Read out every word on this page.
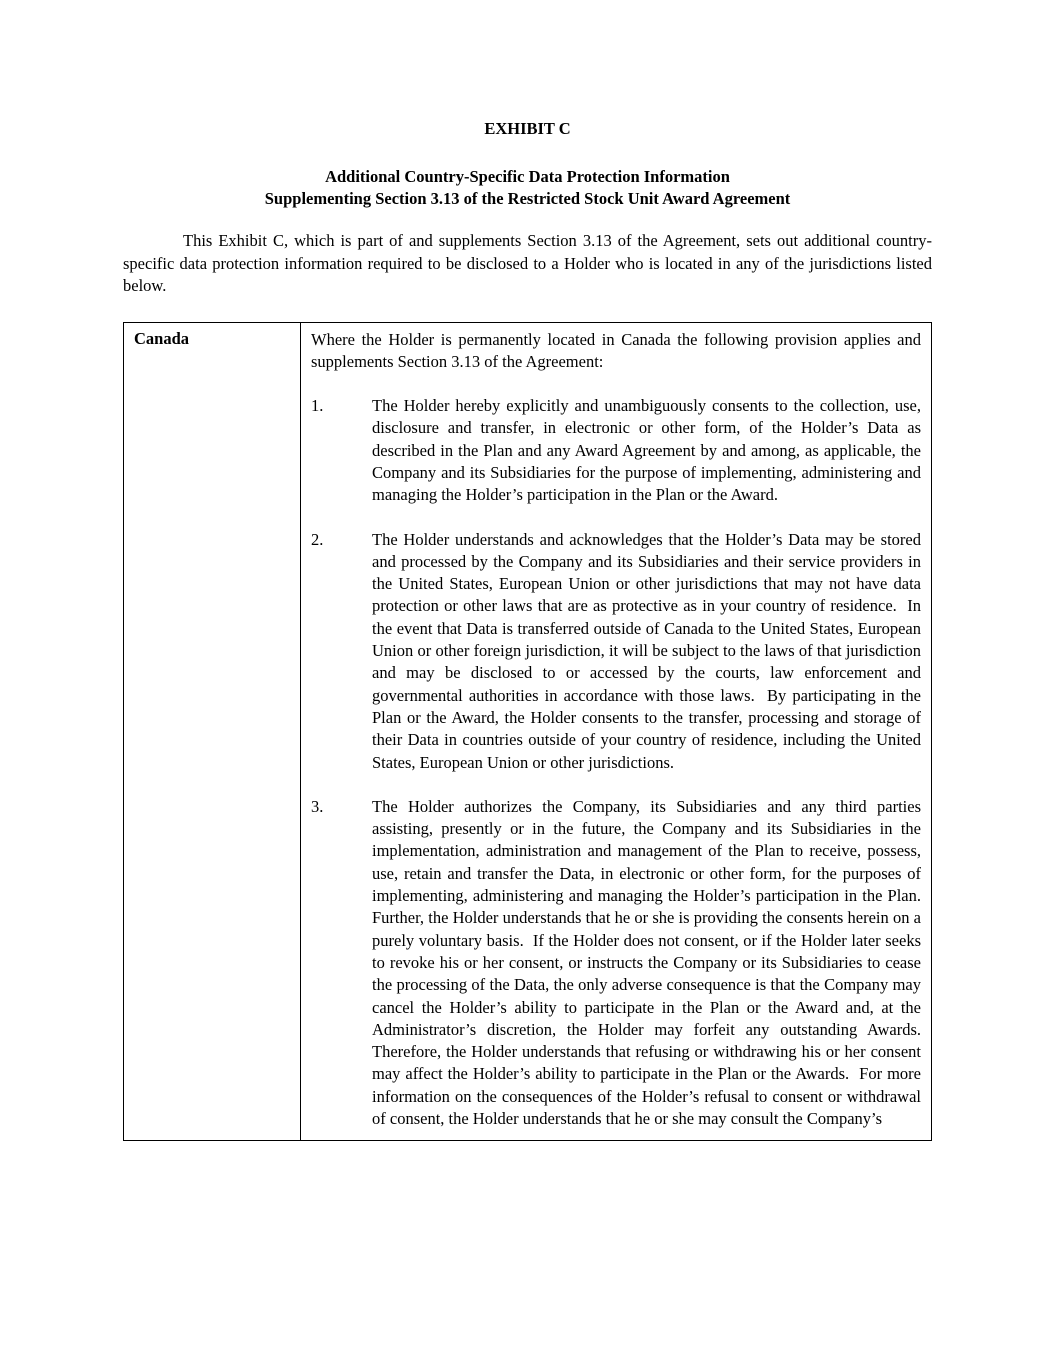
EXHIBIT C
Additional Country-Specific Data Protection Information
Supplementing Section 3.13 of the Restricted Stock Unit Award Agreement

This Exhibit C, which is part of and supplements Section 3.13 of the Agreement, sets out additional country-specific data protection information required to be disclosed to a Holder who is located in any of the jurisdictions listed below.

Canada	Where the Holder is permanently located in Canada the following provision applies and supplements Section 3.13 of the Agreement:
1.	The Holder hereby explicitly and unambiguously consents to the collection, use, disclosure and transfer, in electronic or other form, of the Holder’s Data as described in the Plan and any Award Agreement by and among, as applicable, the Company and its Subsidiaries for the purpose of implementing, administering and managing the Holder’s participation in the Plan or the Award.
2.	The Holder understands and acknowledges that the Holder’s Data may be stored and processed by the Company and its Subsidiaries and their service providers in the United States, European Union or other jurisdictions that may not have data protection or other laws that are as protective as in your country of residence.  In the event that Data is transferred outside of Canada to the United States, European Union or other foreign jurisdiction, it will be subject to the laws of that jurisdiction and may be disclosed to or accessed by the courts, law enforcement and governmental authorities in accordance with those laws.  By participating in the Plan or the Award, the Holder consents to the transfer, processing and storage of their Data in countries outside of your country of residence, including the United States, European Union or other jurisdictions.
3.	The Holder authorizes the Company, its Subsidiaries and any third parties assisting, presently or in the future, the Company and its Subsidiaries in the implementation, administration and management of the Plan to receive, possess, use, retain and transfer the Data, in electronic or other form, for the purposes of implementing, administering and managing the Holder’s participation in the Plan.  Further, the Holder understands that he or she is providing the consents herein on a purely voluntary basis.  If the Holder does not consent, or if the Holder later seeks to revoke his or her consent, or instructs the Company or its Subsidiaries to cease the processing of the Data, the only adverse consequence is that the Company may cancel the Holder’s ability to participate in the Plan or the Award and, at the Administrator’s discretion, the Holder may forfeit any outstanding Awards.  Therefore, the Holder understands that refusing or withdrawing his or her consent may affect the Holder’s ability to participate in the Plan or the Awards.  For more information on the consequences of the Holder’s refusal to consent or withdrawal of consent, the Holder understands that he or she may consult the Company’s
